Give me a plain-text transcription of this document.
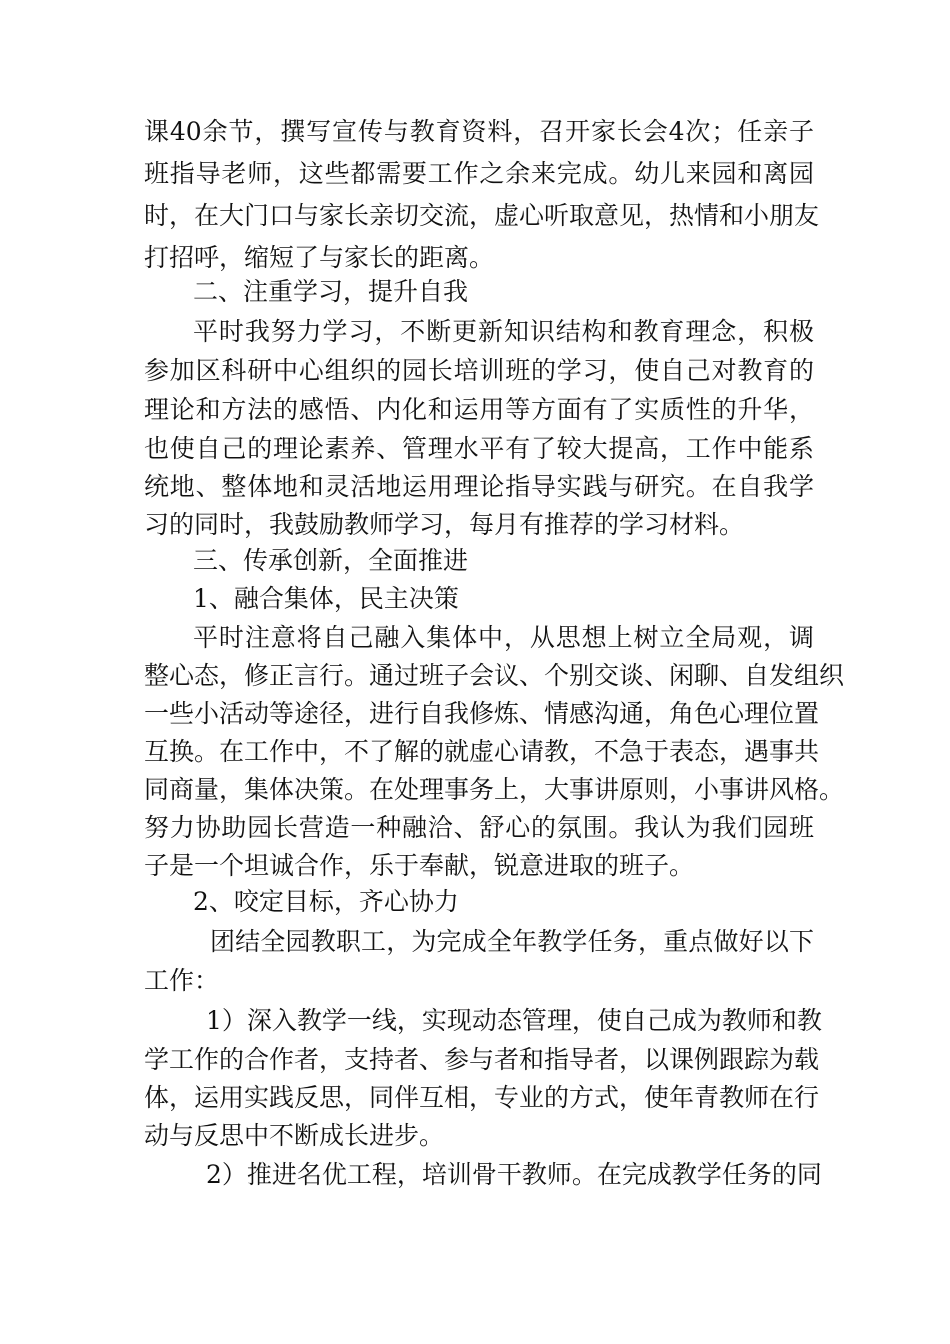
课40余节，撰写宣传与教育资料，召开家长会4次；任亲子
班指导老师，这些都需要工作之余来完成。幼儿来园和离园
时，在大门口与家长亲切交流，虚心听取意见，热情和小朋友
打招呼，缩短了与家长的距离。
二、注重学习，提升自我
平时我努力学习，不断更新知识结构和教育理念，积极
参加区科研中心组织的园长培训班的学习，使自己对教育的
理论和方法的感悟、内化和运用等方面有了实质性的升华，
也使自己的理论素养、管理水平有了较大提高，工作中能系
统地、整体地和灵活地运用理论指导实践与研究。在自我学
习的同时，我鼓励教师学习，每月有推荐的学习材料。
三、传承创新，全面推进
1、融合集体，民主决策
平时注意将自己融入集体中，从思想上树立全局观，调
整心态，修正言行。通过班子会议、个别交谈、闲聊、自发组织
一些小活动等途径，进行自我修炼、情感沟通，角色心理位置
互换。在工作中，不了解的就虚心请教，不急于表态，遇事共
同商量，集体决策。在处理事务上，大事讲原则，小事讲风格。
努力协助园长营造一种融洽、舒心的氛围。我认为我们园班
子是一个坦诚合作，乐于奉献，锐意进取的班子。
2、咬定目标，齐心协力
团结全园教职工，为完成全年教学任务，重点做好以下
工作：
1）深入教学一线，实现动态管理，使自己成为教师和教
学工作的合作者，支持者、参与者和指导者，以课例跟踪为载
体，运用实践反思，同伴互相，专业的方式，使年青教师在行
动与反思中不断成长进步。
2）推进名优工程，培训骨干教师。在完成教学任务的同
